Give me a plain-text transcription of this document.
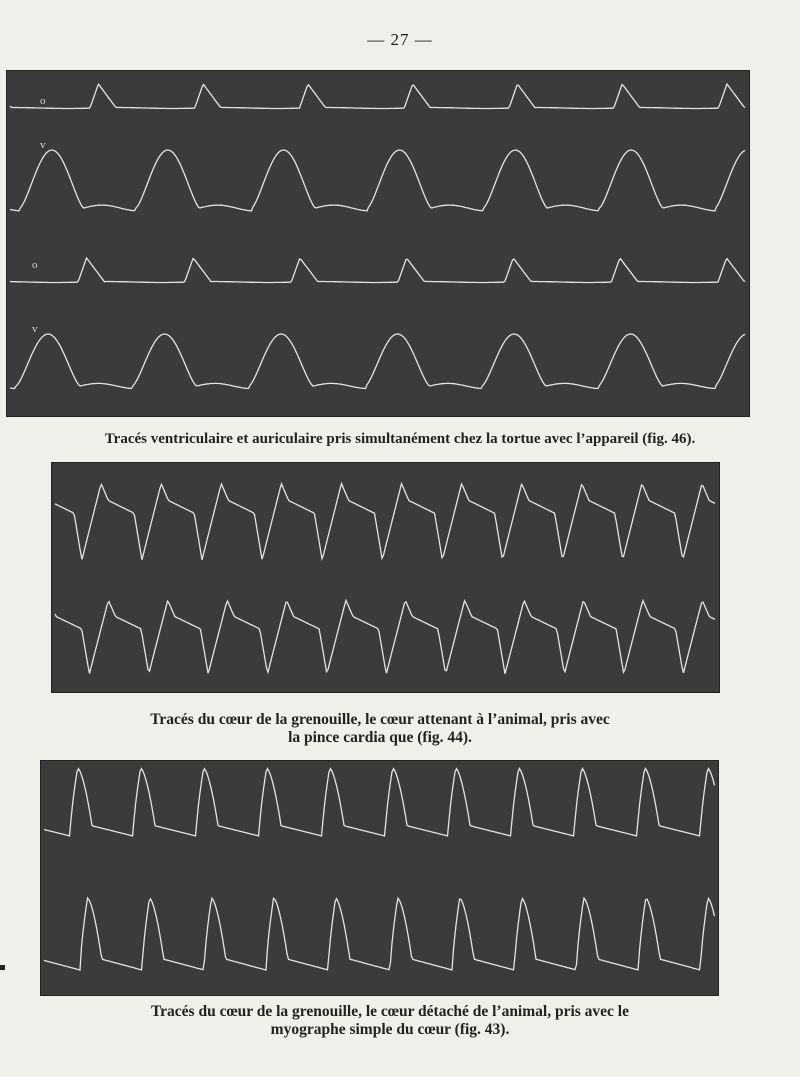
— 27 —
o
v
o
v
Tracés ventriculaire et auriculaire pris simultanément chez la tortue avec l’appareil (fig. 46).
Tracés du cœur de la grenouille, le cœur attenant à l’animal, pris avec
la pince cardia que (fig. 44).
Tracés du cœur de la grenouille, le cœur détaché de l’animal, pris avec le
myographe simple du cœur (fig. 43).
